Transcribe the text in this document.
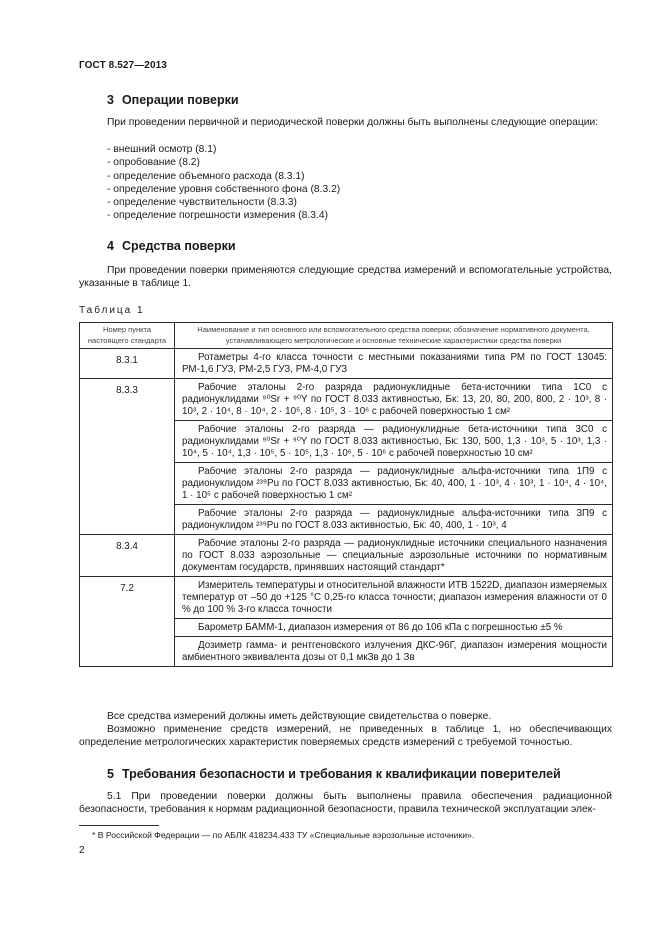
ГОСТ 8.527—2013
3 Операции поверки
При проведении первичной и периодической поверки должны быть выполнены следующие операции:
- внешний осмотр (8.1)
- опробование (8.2)
- определение объемного расхода (8.3.1)
- определение уровня собственного фона (8.3.2)
- определение чувствительности (8.3.3)
- определение погрешности измерения (8.3.4)
4 Средства поверки
При проведении поверки применяются следующие средства измерений и вспомогательные устройства, указанные в таблице 1.
Таблица 1
Номер пункта настоящего стандарта	Наименование и тип основного или вспомогательного средства поверки; обозначение нормативного документа, устанавливающего метрологические и основные технические характеристики средства поверки
8.3.1	Ротаметры 4-го класса точности с местными показаниями типа РМ по ГОСТ 13045: РМ-1,6 ГУЗ, РМ-2,5 ГУЗ, РМ-4,0 ГУЗ

8.3.3	Рабочие эталоны 2-го разряда радионуклидные бета-источники типа 1С0 с радионуклидами ⁹⁰Sr + ⁹⁰Y по ГОСТ 8.033 активностью, Бк: 13, 20, 80, 200, 800, 2 · 10³, 8 · 10³, 2 · 10⁴, 8 · 10⁴, 2 · 10⁵, 8 · 10⁵, 3 · 10⁶ с рабочей поверхностью 1 см²
Рабочие эталоны 2-го разряда — радионуклидные бета-источники типа 3С0 с радионуклидами ⁹⁰Sr + ⁹⁰Y по ГОСТ 8.033 активностью, Бк: 130, 500, 1,3 · 10³, 5 · 10³, 1,3 · 10⁴, 5 · 10⁴, 1,3 · 10⁵, 5 · 10⁵, 1,3 · 10⁶, 5 · 10⁶ с рабочей поверхностью 10 см²
Рабочие эталоны 2-го разряда — радионуклидные альфа-источники типа 1П9 с радионуклидом ²³⁹Pu по ГОСТ 8.033 активностью, Бк: 40, 400, 1 · 10³, 4 · 10³, 1 · 10⁴, 4 · 10⁴, 1 · 10⁵ с рабочей поверхностью 1 см²
Рабочие эталоны 2-го разряда — радионуклидные альфа-источники типа 3П9 с радионуклидом ²³⁹Pu по ГОСТ 8.033 активностью, Бк: 40, 400, 1 · 10³, 4

8.3.4	Рабочие эталоны 2-го разряда — радионуклидные источники специального назначения по ГОСТ 8.033 аэрозольные — специальные аэрозольные источники по нормативным документам государств, принявших настоящий стандарт*

7.2	Измеритель температуры и относительной влажности ИТВ 1522D, диапазон измеряемых температур от –50 до +125 °С 0,25-го класса точности; диапазон измерения влажности от 0 % до 100 % 3-го класса точности
Барометр БАММ-1, диапазон измерения от 86 до 106 кПа с погрешностью ±5 %
Дозиметр гамма- и рентгеновского излучения ДКС-96Г, диапазон измерения мощности амбиентного эквивалента дозы от 0,1 мкЗв до 1 Зв
Все средства измерений должны иметь действующие свидетельства о поверке.
Возможно применение средств измерений, не приведенных в таблице 1, но обеспечивающих определение метрологических характеристик поверяемых средств измерений с требуемой точностью.
5 Требования безопасности и требования к квалификации поверителей
5.1 При проведении поверки должны быть выполнены правила обеспечения радиационной безопасности, требования к нормам радиационной безопасности, правила технической эксплуатации элек-
* В Российской Федерации — по АБЛК 418234.433 ТУ «Специальные аэрозольные источники».
2
